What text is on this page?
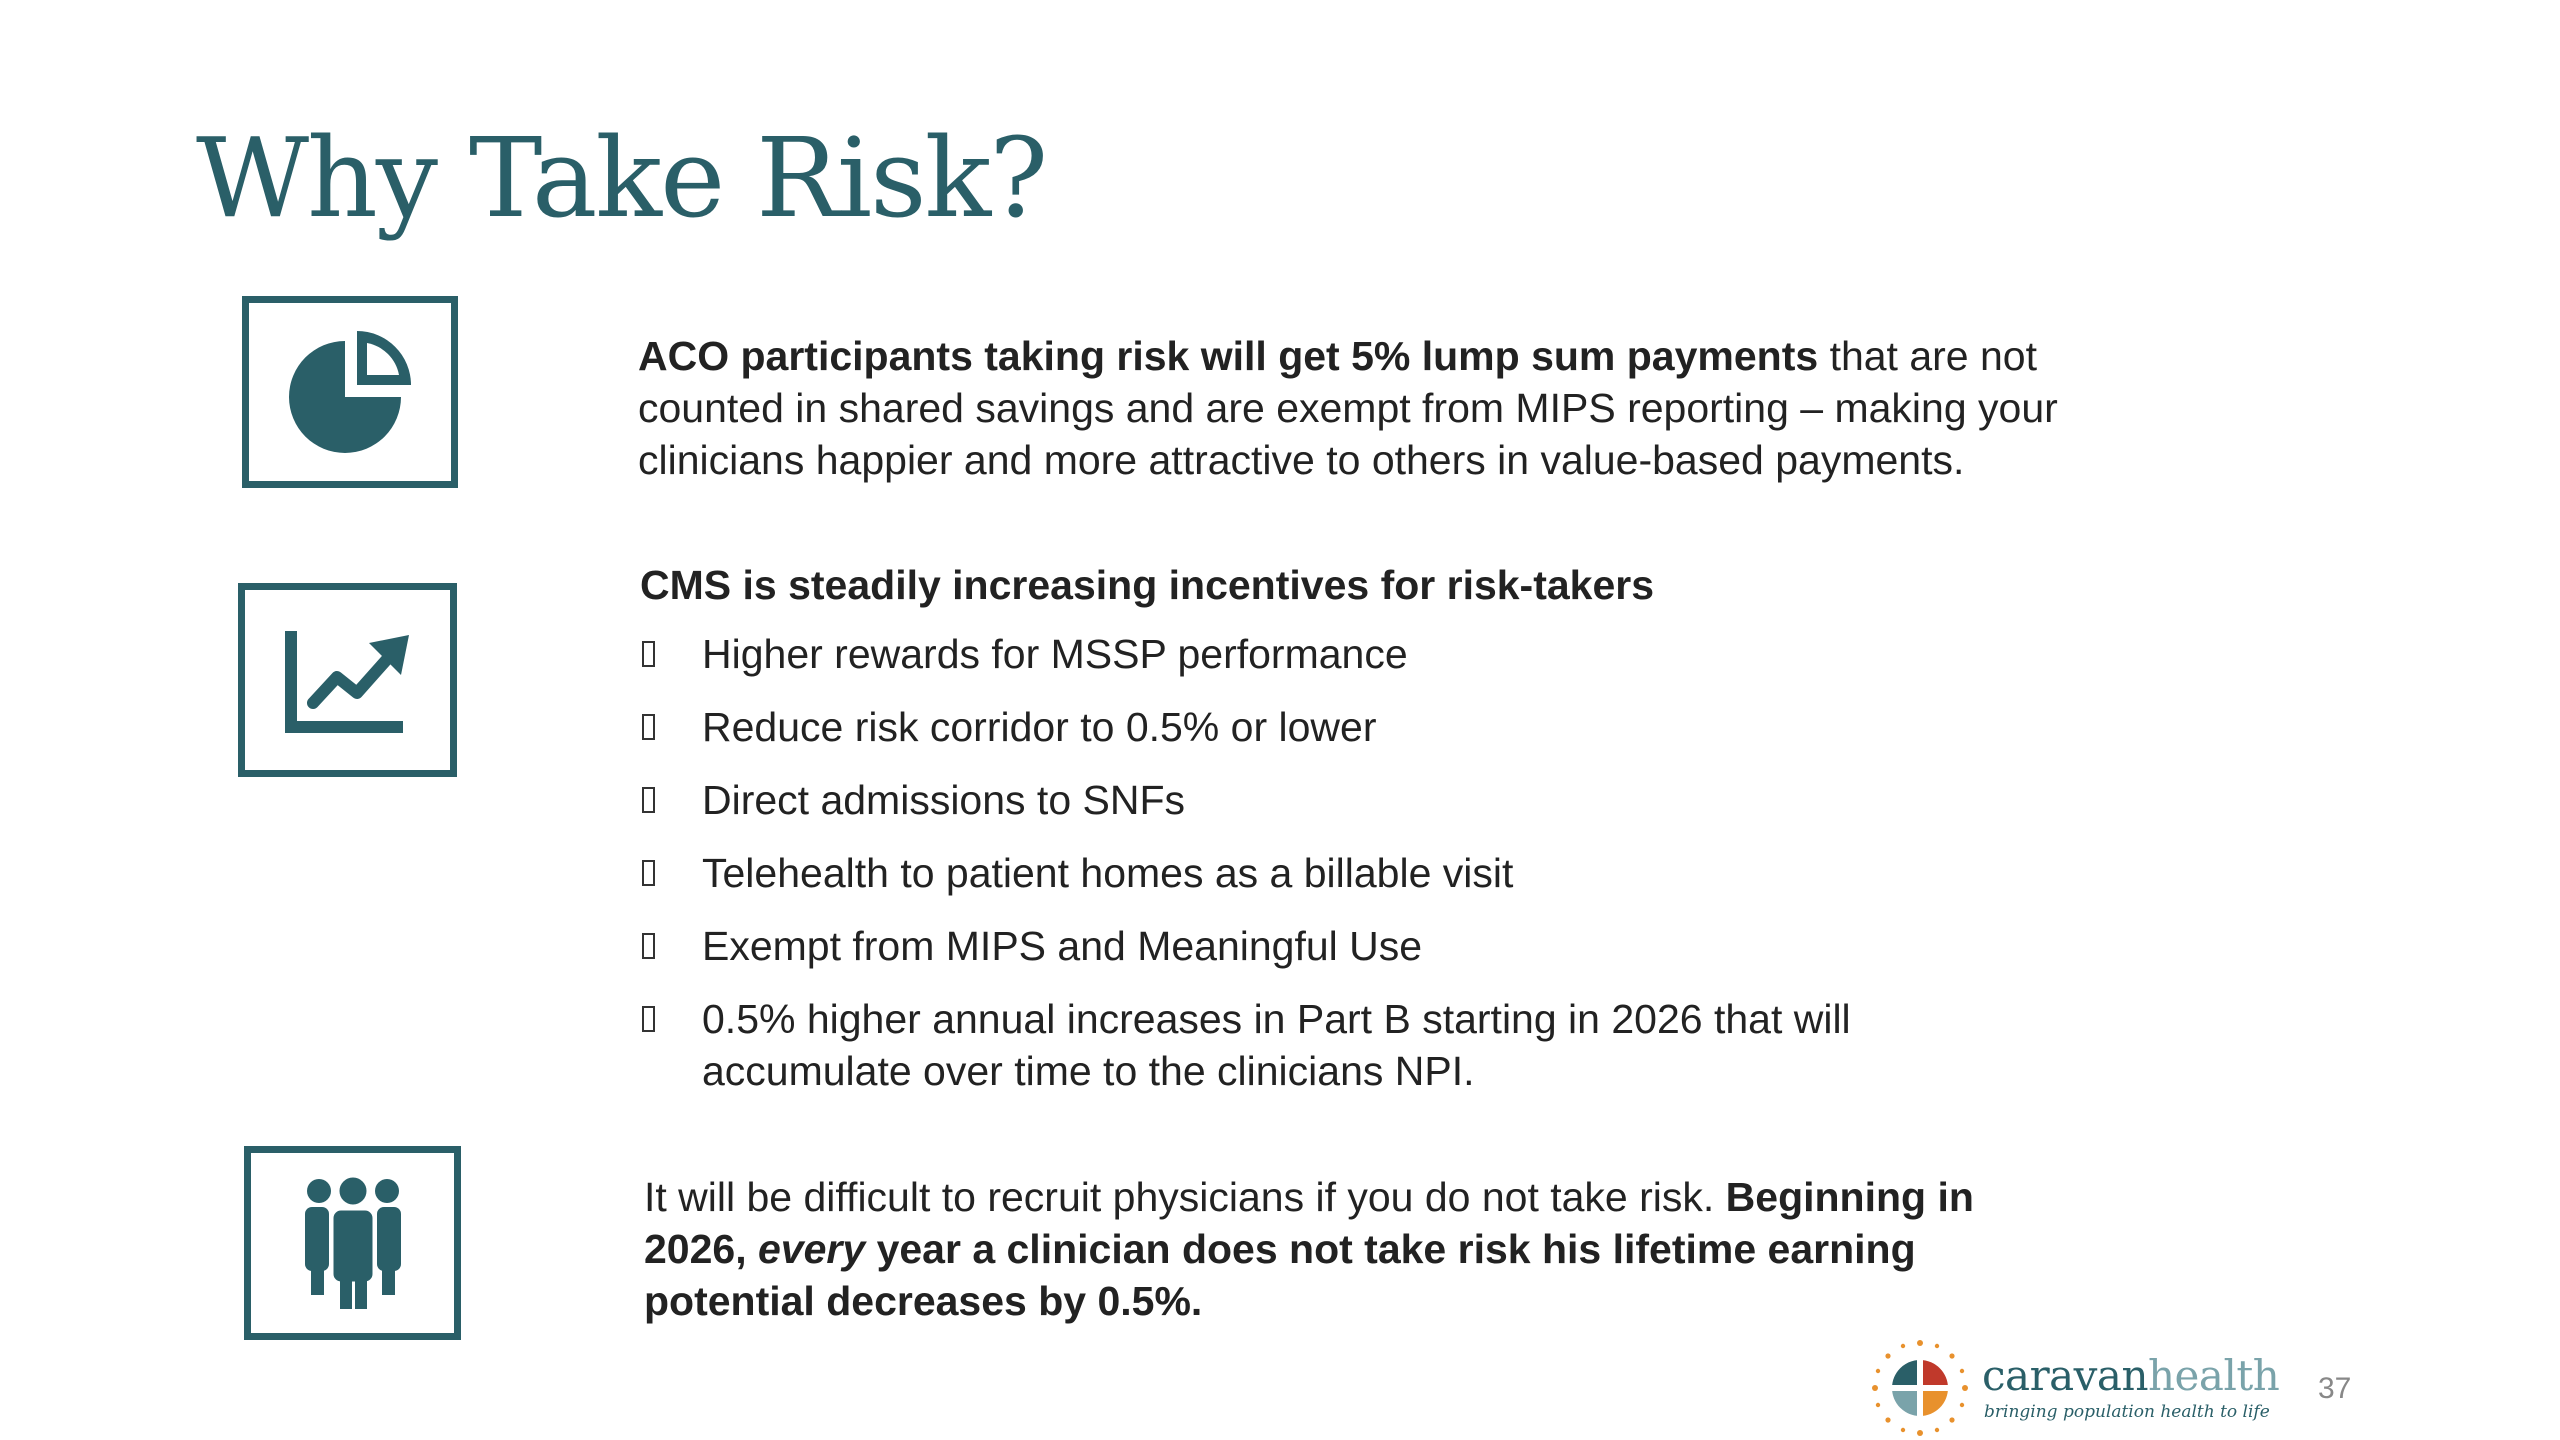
Why Take Risk?

ACO participants taking risk will get 5% lump sum payments that are not
counted in shared savings and are exempt from MIPS reporting – making your
clinicians happier and more attractive to others in value-based payments.

CMS is steadily increasing incentives for risk-takers

Higher rewards for MSSP performance
Reduce risk corridor to 0.5% or lower
Direct admissions to SNFs
Telehealth to patient homes as a billable visit
Exempt from MIPS and Meaningful Use
0.5% higher annual increases in Part B starting in 2026 that will
accumulate over time to the clinicians NPI.

It will be difficult to recruit physicians if you do not take risk. Beginning in
2026, every year a clinician does not take risk his lifetime earning
potential decreases by 0.5%.

caravanhealth

bringing population health to life

37
